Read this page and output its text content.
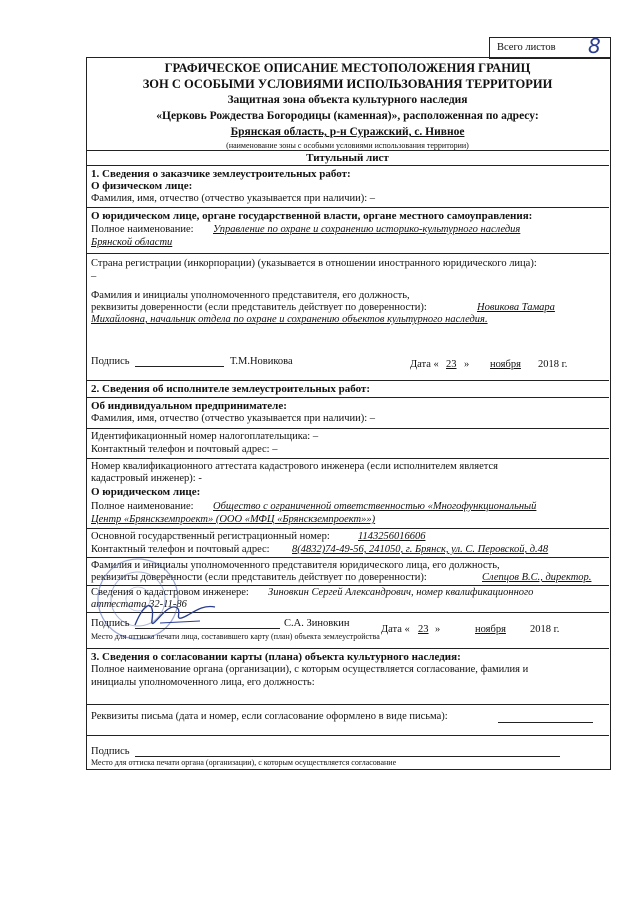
Всего листов 8
ГРАФИЧЕСКОЕ ОПИСАНИЕ МЕСТОПОЛОЖЕНИЯ ГРАНИЦ
ЗОН С ОСОБЫМИ УСЛОВИЯМИ ИСПОЛЬЗОВАНИЯ ТЕРРИТОРИИ
Защитная зона объекта культурного наследия
«Церковь Рождества Богородицы (каменная)», расположенная по адресу:
Брянская область, р-н Суражский, с. Нивное
(наименование зоны с особыми условиями использования территории)
Титульный лист
1. Сведения о заказчике землеустроительных работ:
О физическом лице:
Фамилия, имя, отчество (отчество указывается при наличии): –
О юридическом лице, органе государственной власти, органе местного самоуправления:
Полное наименование: Управление по охране и сохранению историко-культурного наследия
Брянской области
Страна регистрации (инкорпорации) (указывается в отношении иностранного юридического лица):
–
Фамилия и инициалы уполномоченного представителя, его должность,
реквизиты доверенности (если представитель действует по доверенности):	Новикова Тамара
Михайловна, начальник отдела по охране и сохранению объектов культурного наследия.
Подпись	Т.М.Новикова	Дата « 23 » ноября 2018 г.
2. Сведения об исполнителе землеустроительных работ:
Об индивидуальном предпринимателе:
Фамилия, имя, отчество (отчество указывается при наличии): –
Идентификационный номер налогоплательщика: –
Контактный телефон и почтовый адрес: –
Номер квалификационного аттестата кадастрового инженера (если исполнителем является
кадастровый инженер): -
О юридическом лице:
Полное наименование: Общество с ограниченной ответственностью «Многофункциональный
Центр «Брянскземпроект» (ООО «МФЦ «Брянскземпроект»»)
Основной государственный регистрационный номер:	1143256016606
Контактный телефон и почтовый адрес: 8(4832)74-49-56, 241050, г. Брянск, ул. С. Перовской, д.48
Фамилия и инициалы уполномоченного представителя юридического лица, его должность,
реквизиты доверенности (если представитель действует по доверенности):	Слепцов В.С., директор.
Сведения о кадастровом инженере: Зиновкин Сергей Александрович, номер квалификационного
аттестата 32-11-86
Подпись	С.А. Зиновкин
Дата « 23 »	ноября 2018 г.
Место для оттиска печати лица, составившего карту (план) объекта землеустройства
3. Сведения о согласовании карты (плана) объекта культурного наследия:
Полное наименование органа (организации), с которым осуществляется согласование, фамилия и
инициалы уполномоченного лица, его должность:
Реквизиты письма (дата и номер, если согласование оформлено в виде письма):
Подпись
Место для оттиска печати органа (организации), с которым осуществляется согласование
